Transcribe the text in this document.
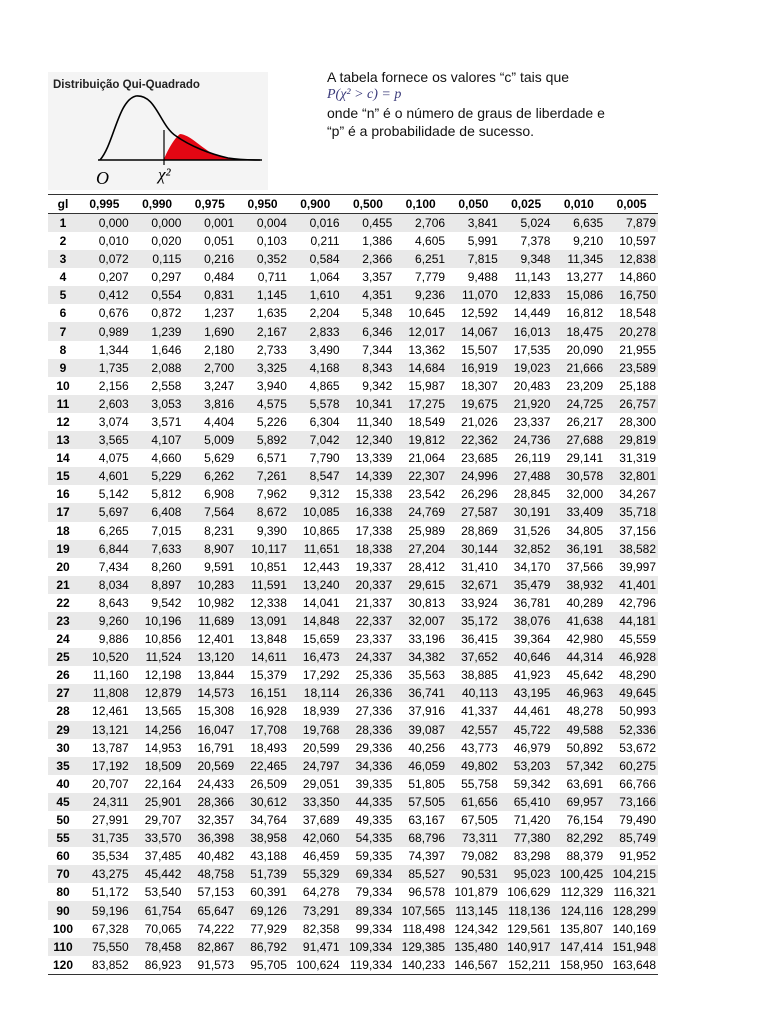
O	χ²
Distribuição Qui-Quadrado	A tabela fornece os valores “c” tais que
P(χ² > c) = p
onde “n” é o número de graus de liberdade e
“p” é a probabilidade de sucesso.
gl	0,995	0,990	0,975	0,950	0,900	0,500	0,100	0,050	0,025	0,010	0,005
1	0,000	0,000	0,001	0,004	0,016	0,455	2,706	3,841	5,024	6,635	7,879
2	0,010	0,020	0,051	0,103	0,211	1,386	4,605	5,991	7,378	9,210	10,597
3	0,072	0,115	0,216	0,352	0,584	2,366	6,251	7,815	9,348	11,345	12,838
4	0,207	0,297	0,484	0,711	1,064	3,357	7,779	9,488	11,143	13,277	14,860
5	0,412	0,554	0,831	1,145	1,610	4,351	9,236	11,070	12,833	15,086	16,750
6	0,676	0,872	1,237	1,635	2,204	5,348	10,645	12,592	14,449	16,812	18,548
7	0,989	1,239	1,690	2,167	2,833	6,346	12,017	14,067	16,013	18,475	20,278
8	1,344	1,646	2,180	2,733	3,490	7,344	13,362	15,507	17,535	20,090	21,955
9	1,735	2,088	2,700	3,325	4,168	8,343	14,684	16,919	19,023	21,666	23,589
10	2,156	2,558	3,247	3,940	4,865	9,342	15,987	18,307	20,483	23,209	25,188
11	2,603	3,053	3,816	4,575	5,578	10,341	17,275	19,675	21,920	24,725	26,757
12	3,074	3,571	4,404	5,226	6,304	11,340	18,549	21,026	23,337	26,217	28,300
13	3,565	4,107	5,009	5,892	7,042	12,340	19,812	22,362	24,736	27,688	29,819
14	4,075	4,660	5,629	6,571	7,790	13,339	21,064	23,685	26,119	29,141	31,319
15	4,601	5,229	6,262	7,261	8,547	14,339	22,307	24,996	27,488	30,578	32,801
16	5,142	5,812	6,908	7,962	9,312	15,338	23,542	26,296	28,845	32,000	34,267
17	5,697	6,408	7,564	8,672	10,085	16,338	24,769	27,587	30,191	33,409	35,718
18	6,265	7,015	8,231	9,390	10,865	17,338	25,989	28,869	31,526	34,805	37,156
19	6,844	7,633	8,907	10,117	11,651	18,338	27,204	30,144	32,852	36,191	38,582
20	7,434	8,260	9,591	10,851	12,443	19,337	28,412	31,410	34,170	37,566	39,997
21	8,034	8,897	10,283	11,591	13,240	20,337	29,615	32,671	35,479	38,932	41,401
22	8,643	9,542	10,982	12,338	14,041	21,337	30,813	33,924	36,781	40,289	42,796
23	9,260	10,196	11,689	13,091	14,848	22,337	32,007	35,172	38,076	41,638	44,181
24	9,886	10,856	12,401	13,848	15,659	23,337	33,196	36,415	39,364	42,980	45,559
25	10,520	11,524	13,120	14,611	16,473	24,337	34,382	37,652	40,646	44,314	46,928
26	11,160	12,198	13,844	15,379	17,292	25,336	35,563	38,885	41,923	45,642	48,290
27	11,808	12,879	14,573	16,151	18,114	26,336	36,741	40,113	43,195	46,963	49,645
28	12,461	13,565	15,308	16,928	18,939	27,336	37,916	41,337	44,461	48,278	50,993
29	13,121	14,256	16,047	17,708	19,768	28,336	39,087	42,557	45,722	49,588	52,336
30	13,787	14,953	16,791	18,493	20,599	29,336	40,256	43,773	46,979	50,892	53,672
35	17,192	18,509	20,569	22,465	24,797	34,336	46,059	49,802	53,203	57,342	60,275
40	20,707	22,164	24,433	26,509	29,051	39,335	51,805	55,758	59,342	63,691	66,766
45	24,311	25,901	28,366	30,612	33,350	44,335	57,505	61,656	65,410	69,957	73,166
50	27,991	29,707	32,357	34,764	37,689	49,335	63,167	67,505	71,420	76,154	79,490
55	31,735	33,570	36,398	38,958	42,060	54,335	68,796	73,311	77,380	82,292	85,749
60	35,534	37,485	40,482	43,188	46,459	59,335	74,397	79,082	83,298	88,379	91,952
70	43,275	45,442	48,758	51,739	55,329	69,334	85,527	90,531	95,023	100,425	104,215
80	51,172	53,540	57,153	60,391	64,278	79,334	96,578	101,879	106,629	112,329	116,321
90	59,196	61,754	65,647	69,126	73,291	89,334	107,565	113,145	118,136	124,116	128,299
100	67,328	70,065	74,222	77,929	82,358	99,334	118,498	124,342	129,561	135,807	140,169
110	75,550	78,458	82,867	86,792	91,471	109,334	129,385	135,480	140,917	147,414	151,948
120	83,852	86,923	91,573	95,705	100,624	119,334	140,233	146,567	152,211	158,950	163,648
